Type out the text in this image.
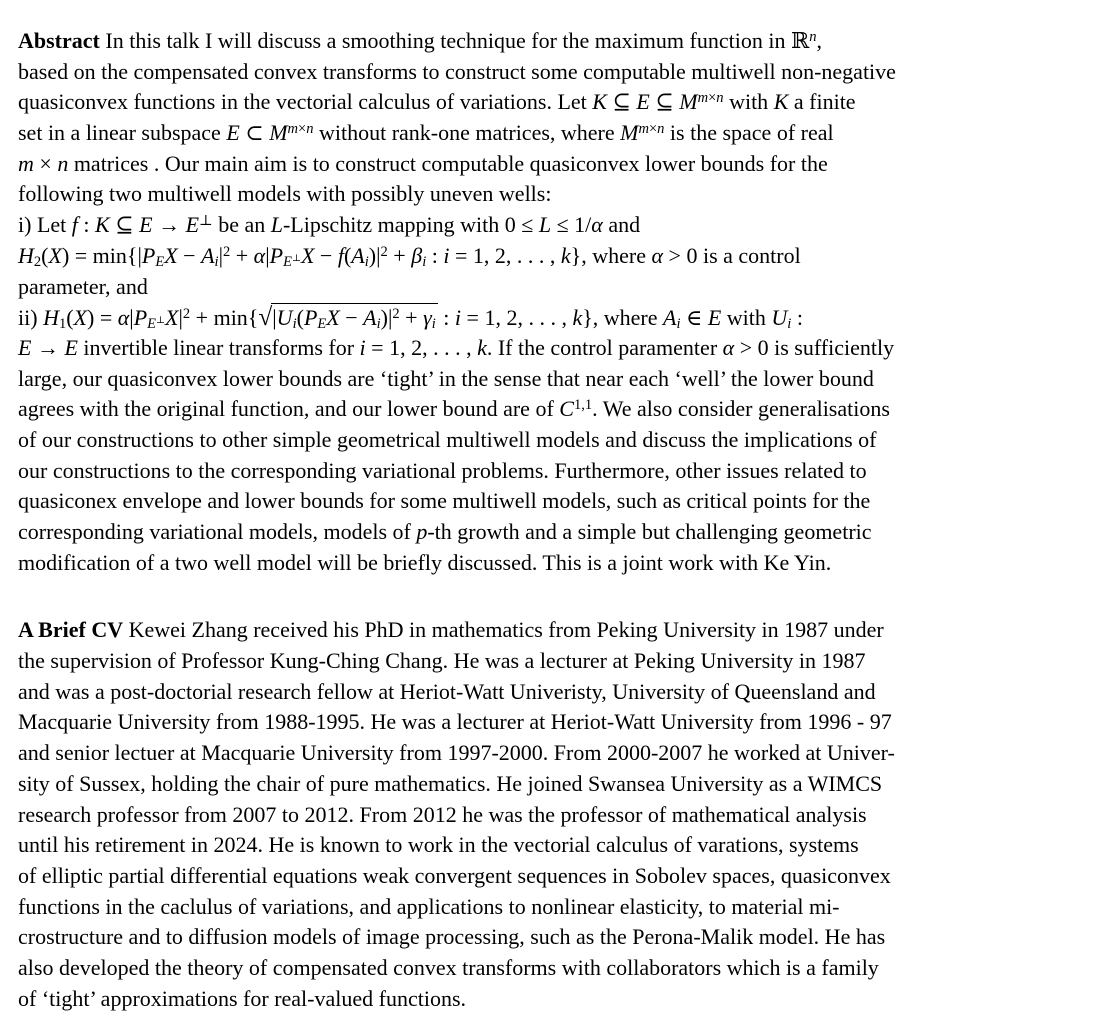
Abstract In this talk I will discuss a smoothing technique for the maximum function in ℝ$^n$,
based on the compensated convex transforms to construct some computable multiwell non-negative
quasiconvex functions in the vectorial calculus of variations. Let K ⊆ E ⊆ $M^{m\times n}$ with K a finite
set in a linear subspace E ⊂ $M^{m\times n}$ without rank-one matrices, where $M^{m\times n}$ is the space of real
m × n matrices . Our main aim is to construct computable quasiconvex lower bounds for the
following two multiwell models with possibly uneven wells:
i) Let f : K ⊆ E → E⊥ be an L-Lipschitz mapping with 0 ≤ L ≤ 1/α and
$H_2(X) = \min\{|P_EX - A_i|^2 + \alpha|P_{E^\perp}X - f(A_i)|^2 + \beta_i$ : i = 1, 2, . . . , k}, where α > 0 is a control
parameter, and
ii) $H_1(X) = \alpha|P_{E^\perp}X|^2 + \min\{√|U_i(P_EX - A_i)|^2 + \gamma_i$ : i = 1, 2, . . . , k}, where $A_i$ ∈ E with $U_i$ :
E → E invertible linear transforms for i = 1, 2, . . . , k. If the control paramenter α > 0 is sufficiently
large, our quasiconvex lower bounds are ‘tight’ in the sense that near each ‘well’ the lower bound
agrees with the original function, and our lower bound are of C$^{1,1}$. We also consider generalisations
of our constructions to other simple geometrical multiwell models and discuss the implications of
our constructions to the corresponding variational problems. Furthermore, other issues related to
quasiconex envelope and lower bounds for some multiwell models, such as critical points for the
corresponding variational models, models of p-th growth and a simple but challenging geometric
modification of a two well model will be briefly discussed. This is a joint work with Ke Yin.
A Brief CV Kewei Zhang received his PhD in mathematics from Peking University in 1987 under
the supervision of Professor Kung-Ching Chang. He was a lecturer at Peking University in 1987
and was a post-doctorial research fellow at Heriot-Watt Univeristy, University of Queensland and
Macquarie University from 1988-1995. He was a lecturer at Heriot-Watt University from 1996 - 97
and senior lectuer at Macquarie University from 1997-2000. From 2000-2007 he worked at Univer-
sity of Sussex, holding the chair of pure mathematics. He joined Swansea University as a WIMCS
research professor from 2007 to 2012. From 2012 he was the professor of mathematical analysis
until his retirement in 2024. He is known to work in the vectorial calculus of varations, systems
of elliptic partial differential equations weak convergent sequences in Sobolev spaces, quasiconvex
functions in the caclulus of variations, and applications to nonlinear elasticity, to material mi-
crostructure and to diffusion models of image processing, such as the Perona-Malik model. He has
also developed the theory of compensated convex transforms with collaborators which is a family
of ‘tight’ approximations for real-valued functions.
